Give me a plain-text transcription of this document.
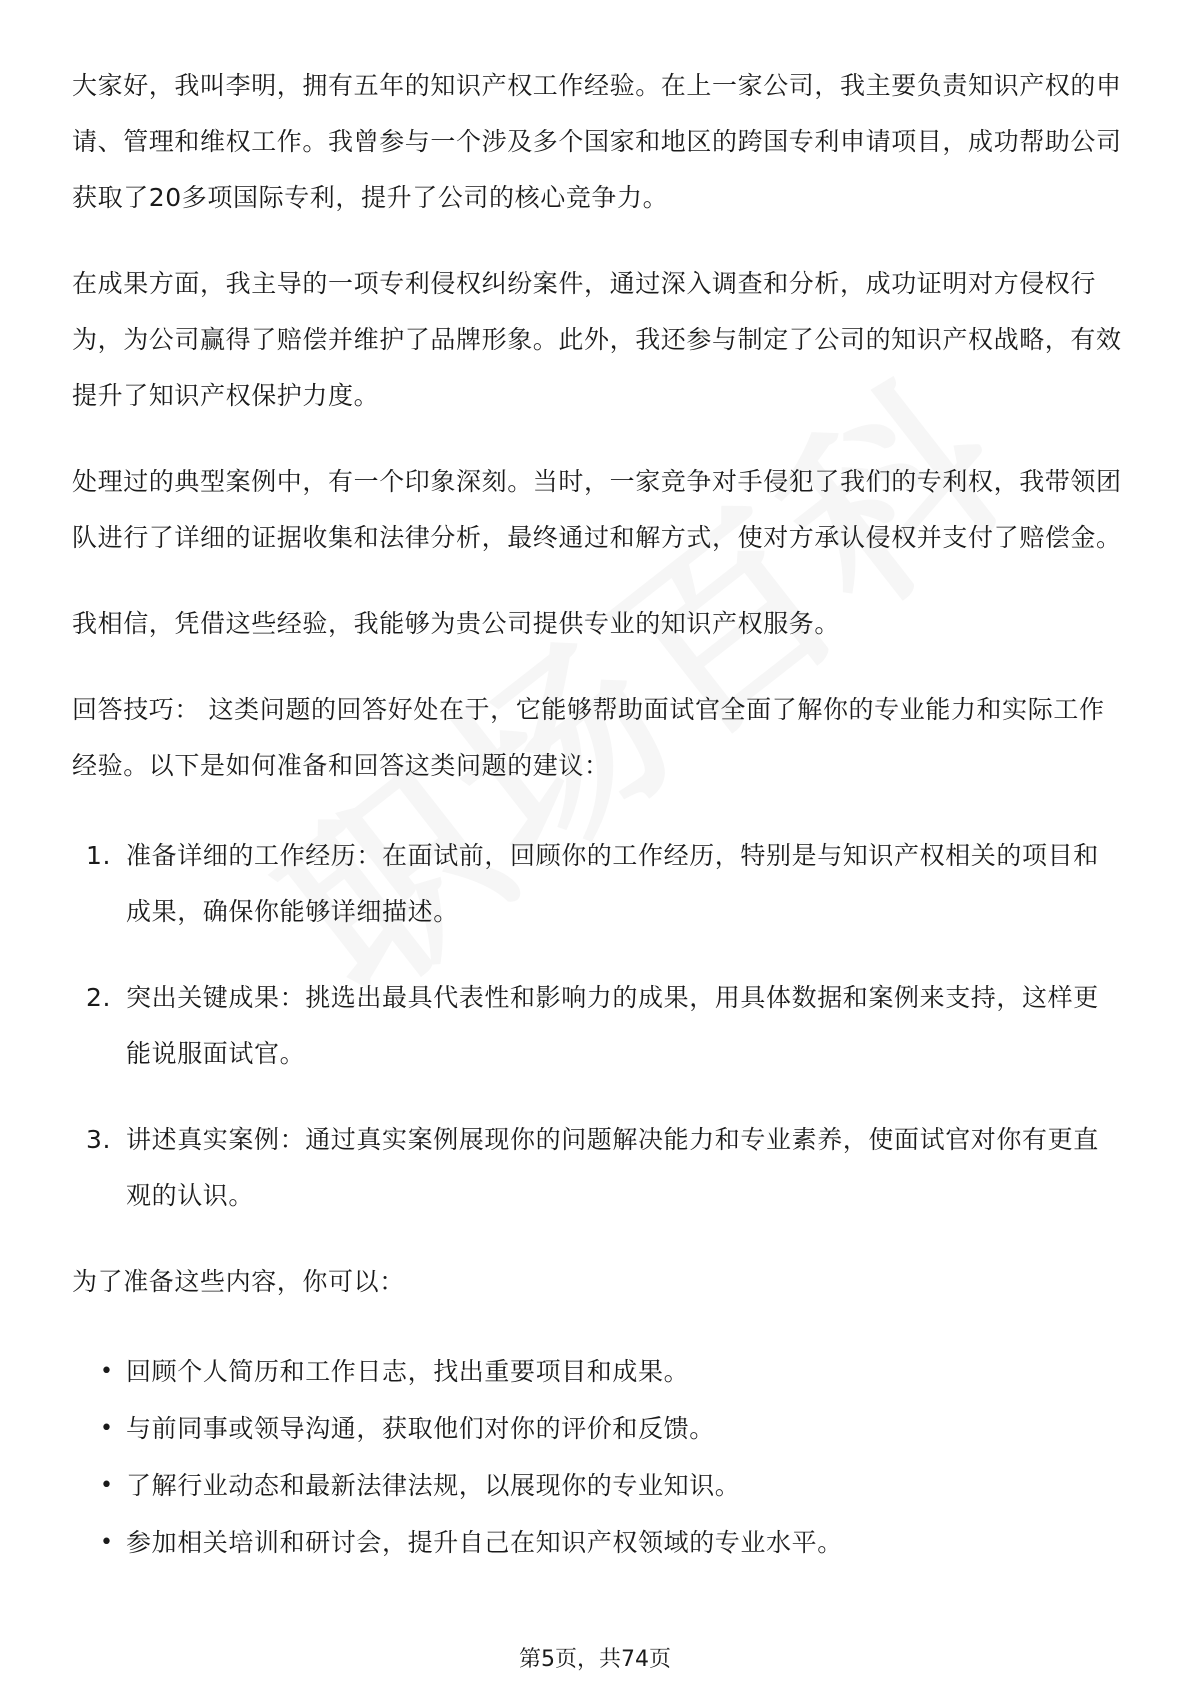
大家好，我叫李明，拥有五年的知识产权工作经验。在上一家公司，我主要负责知识产权的申请、管理和维权工作。我曾参与一个涉及多个国家和地区的跨国专利申请项目，成功帮助公司获取了20多项国际专利，提升了公司的核心竞争力。

在成果方面，我主导的一项专利侵权纠纷案件，通过深入调查和分析，成功证明对方侵权行为，为公司赢得了赔偿并维护了品牌形象。此外，我还参与制定了公司的知识产权战略，有效提升了知识产权保护力度。

处理过的典型案例中，有一个印象深刻。当时，一家竞争对手侵犯了我们的专利权，我带领团队进行了详细的证据收集和法律分析，最终通过和解方式，使对方承认侵权并支付了赔偿金。

我相信，凭借这些经验，我能够为贵公司提供专业的知识产权服务。

回答技巧： 这类问题的回答好处在于，它能够帮助面试官全面了解你的专业能力和实际工作经验。以下是如何准备和回答这类问题的建议：

1. 准备详细的工作经历：在面试前，回顾你的工作经历，特别是与知识产权相关的项目和成果，确保你能够详细描述。
2. 突出关键成果：挑选出最具代表性和影响力的成果，用具体数据和案例来支持，这样更能说服面试官。
3. 讲述真实案例：通过真实案例展现你的问题解决能力和专业素养，使面试官对你有更直观的认识。

为了准备这些内容，你可以：

• 回顾个人简历和工作日志，找出重要项目和成果。
• 与前同事或领导沟通，获取他们对你的评价和反馈。
• 了解行业动态和最新法律法规，以展现你的专业知识。
• 参加相关培训和研讨会，提升自己在知识产权领域的专业水平。
第5页，共74页
